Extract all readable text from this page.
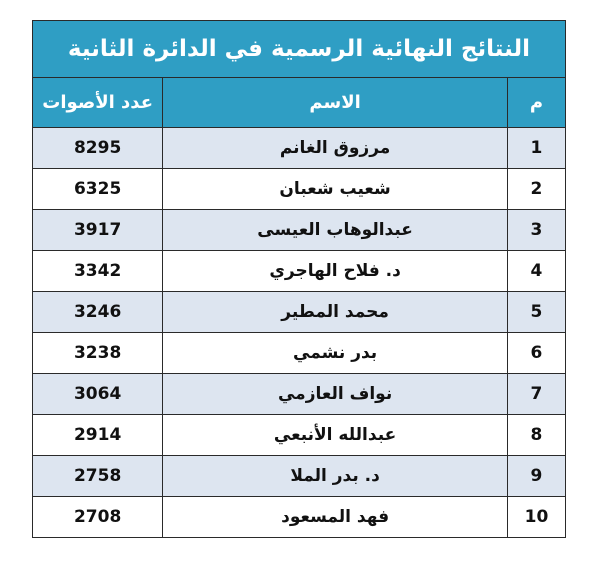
النتائج النهائية الرسمية في الدائرة الثانية		
م	الاسم	عدد الأصوات
1	مرزوق الغانم	8295
2	شعيب شعبان	6325
3	عبدالوهاب العيسى	3917
4	د. فلاح الهاجري	3342
5	محمد المطير	3246
6	بدر نشمي	3238
7	نواف العازمي	3064
8	عبدالله الأنبعي	2914
9	د. بدر الملا	2758
10	فهد المسعود	2708
